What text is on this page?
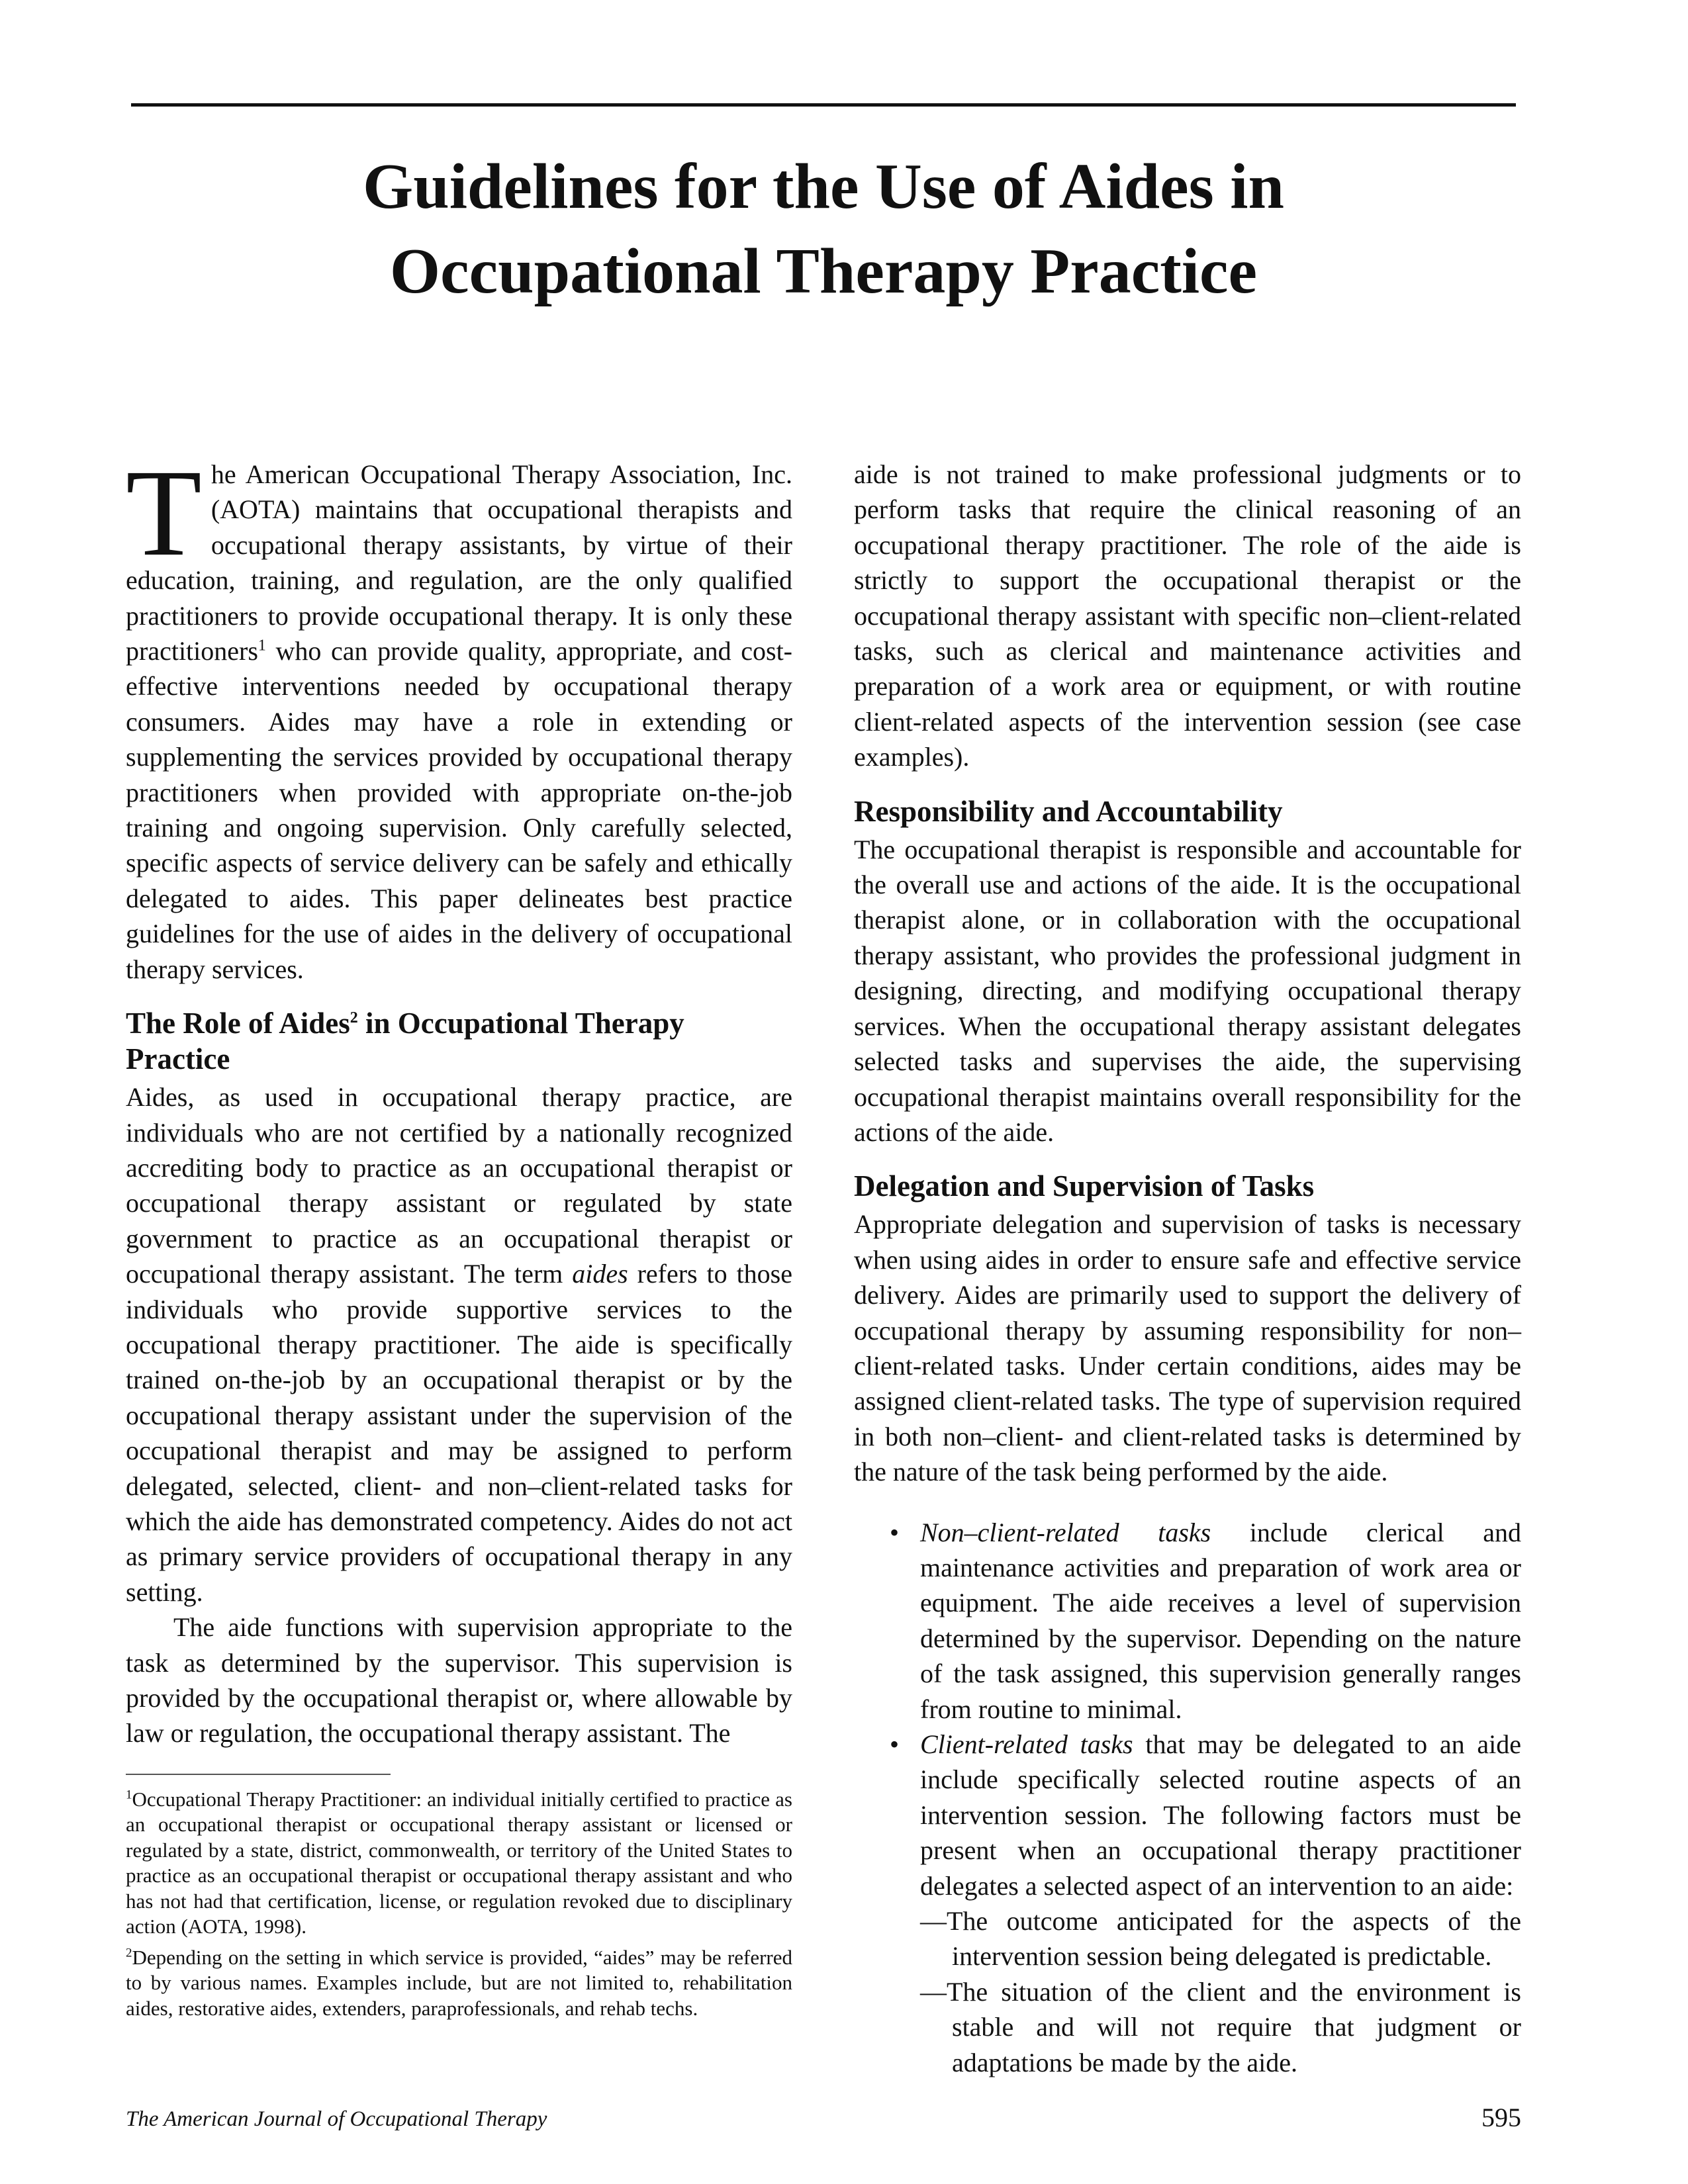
Guidelines for the Use of Aides in
Occupational Therapy Practice

The American Occupational Therapy Association, Inc. (AOTA) maintains that occupational therapists and occupational therapy assistants, by virtue of their education, training, and regulation, are the only qualified practitioners to provide occupational therapy. It is only these practitioners$^1$ who can provide quality, appropriate, and cost-effective interventions needed by occupational therapy consumers. Aides may have a role in extending or supplementing the services provided by occupational therapy practitioners when provided with appropriate on-the-job training and ongoing supervision. Only carefully selected, specific aspects of service delivery can be safely and ethically delegated to aides. This paper delineates best practice guidelines for the use of aides in the delivery of occupational therapy services.

The Role of Aides$^2$ in Occupational Therapy Practice

Aides, as used in occupational therapy practice, are individuals who are not certified by a nationally recognized accrediting body to practice as an occupational therapist or occupational therapy assistant or regulated by state government to practice as an occupational therapist or occupational therapy assistant. The term aides refers to those individuals who provide supportive services to the occupational therapy practitioner. The aide is specifically trained on-the-job by an occupational therapist or by the occupational therapy assistant under the supervision of the occupational therapist and may be assigned to perform delegated, selected, client- and non–client-related tasks for which the aide has demonstrated competency. Aides do not act as primary service providers of occupational therapy in any setting.

The aide functions with supervision appropriate to the task as determined by the supervisor. This supervision is provided by the occupational therapist or, where allowable by law or regulation, the occupational therapy assistant. The

$^1$Occupational Therapy Practitioner: an individual initially certified to practice as an occupational therapist or occupational therapy assistant or licensed or regulated by a state, district, commonwealth, or territory of the United States to practice as an occupational therapist or occupational therapy assistant and who has not had that certification, license, or regulation revoked due to disciplinary action (AOTA, 1998).

$^2$Depending on the setting in which service is provided, “aides” may be referred to by various names. Examples include, but are not limited to, rehabilitation aides, restorative aides, extenders, paraprofessionals, and rehab techs.

aide is not trained to make professional judgments or to perform tasks that require the clinical reasoning of an occupational therapy practitioner. The role of the aide is strictly to support the occupational therapist or the occupational therapy assistant with specific non–client-related tasks, such as clerical and maintenance activities and preparation of a work area or equipment, or with routine client-related aspects of the intervention session (see case examples).

Responsibility and Accountability

The occupational therapist is responsible and accountable for the overall use and actions of the aide. It is the occupational therapist alone, or in collaboration with the occupational therapy assistant, who provides the professional judgment in designing, directing, and modifying occupational therapy services. When the occupational therapy assistant delegates selected tasks and supervises the aide, the supervising occupational therapist maintains overall responsibility for the actions of the aide.

Delegation and Supervision of Tasks

Appropriate delegation and supervision of tasks is necessary when using aides in order to ensure safe and effective service delivery. Aides are primarily used to support the delivery of occupational therapy by assuming responsibility for non–client-related tasks. Under certain conditions, aides may be assigned client-related tasks. The type of supervision required in both non–client- and client-related tasks is determined by the nature of the task being performed by the aide.

• Non–client-related tasks include clerical and maintenance activities and preparation of work area or equipment. The aide receives a level of supervision determined by the supervisor. Depending on the nature of the task assigned, this supervision generally ranges from routine to minimal.
• Client-related tasks that may be delegated to an aide include specifically selected routine aspects of an intervention session. The following factors must be present when an occupational therapy practitioner delegates a selected aspect of an intervention to an aide:
—The outcome anticipated for the aspects of the intervention session being delegated is predictable.
—The situation of the client and the environment is stable and will not require that judgment or adaptations be made by the aide.
The American Journal of Occupational Therapy	595
